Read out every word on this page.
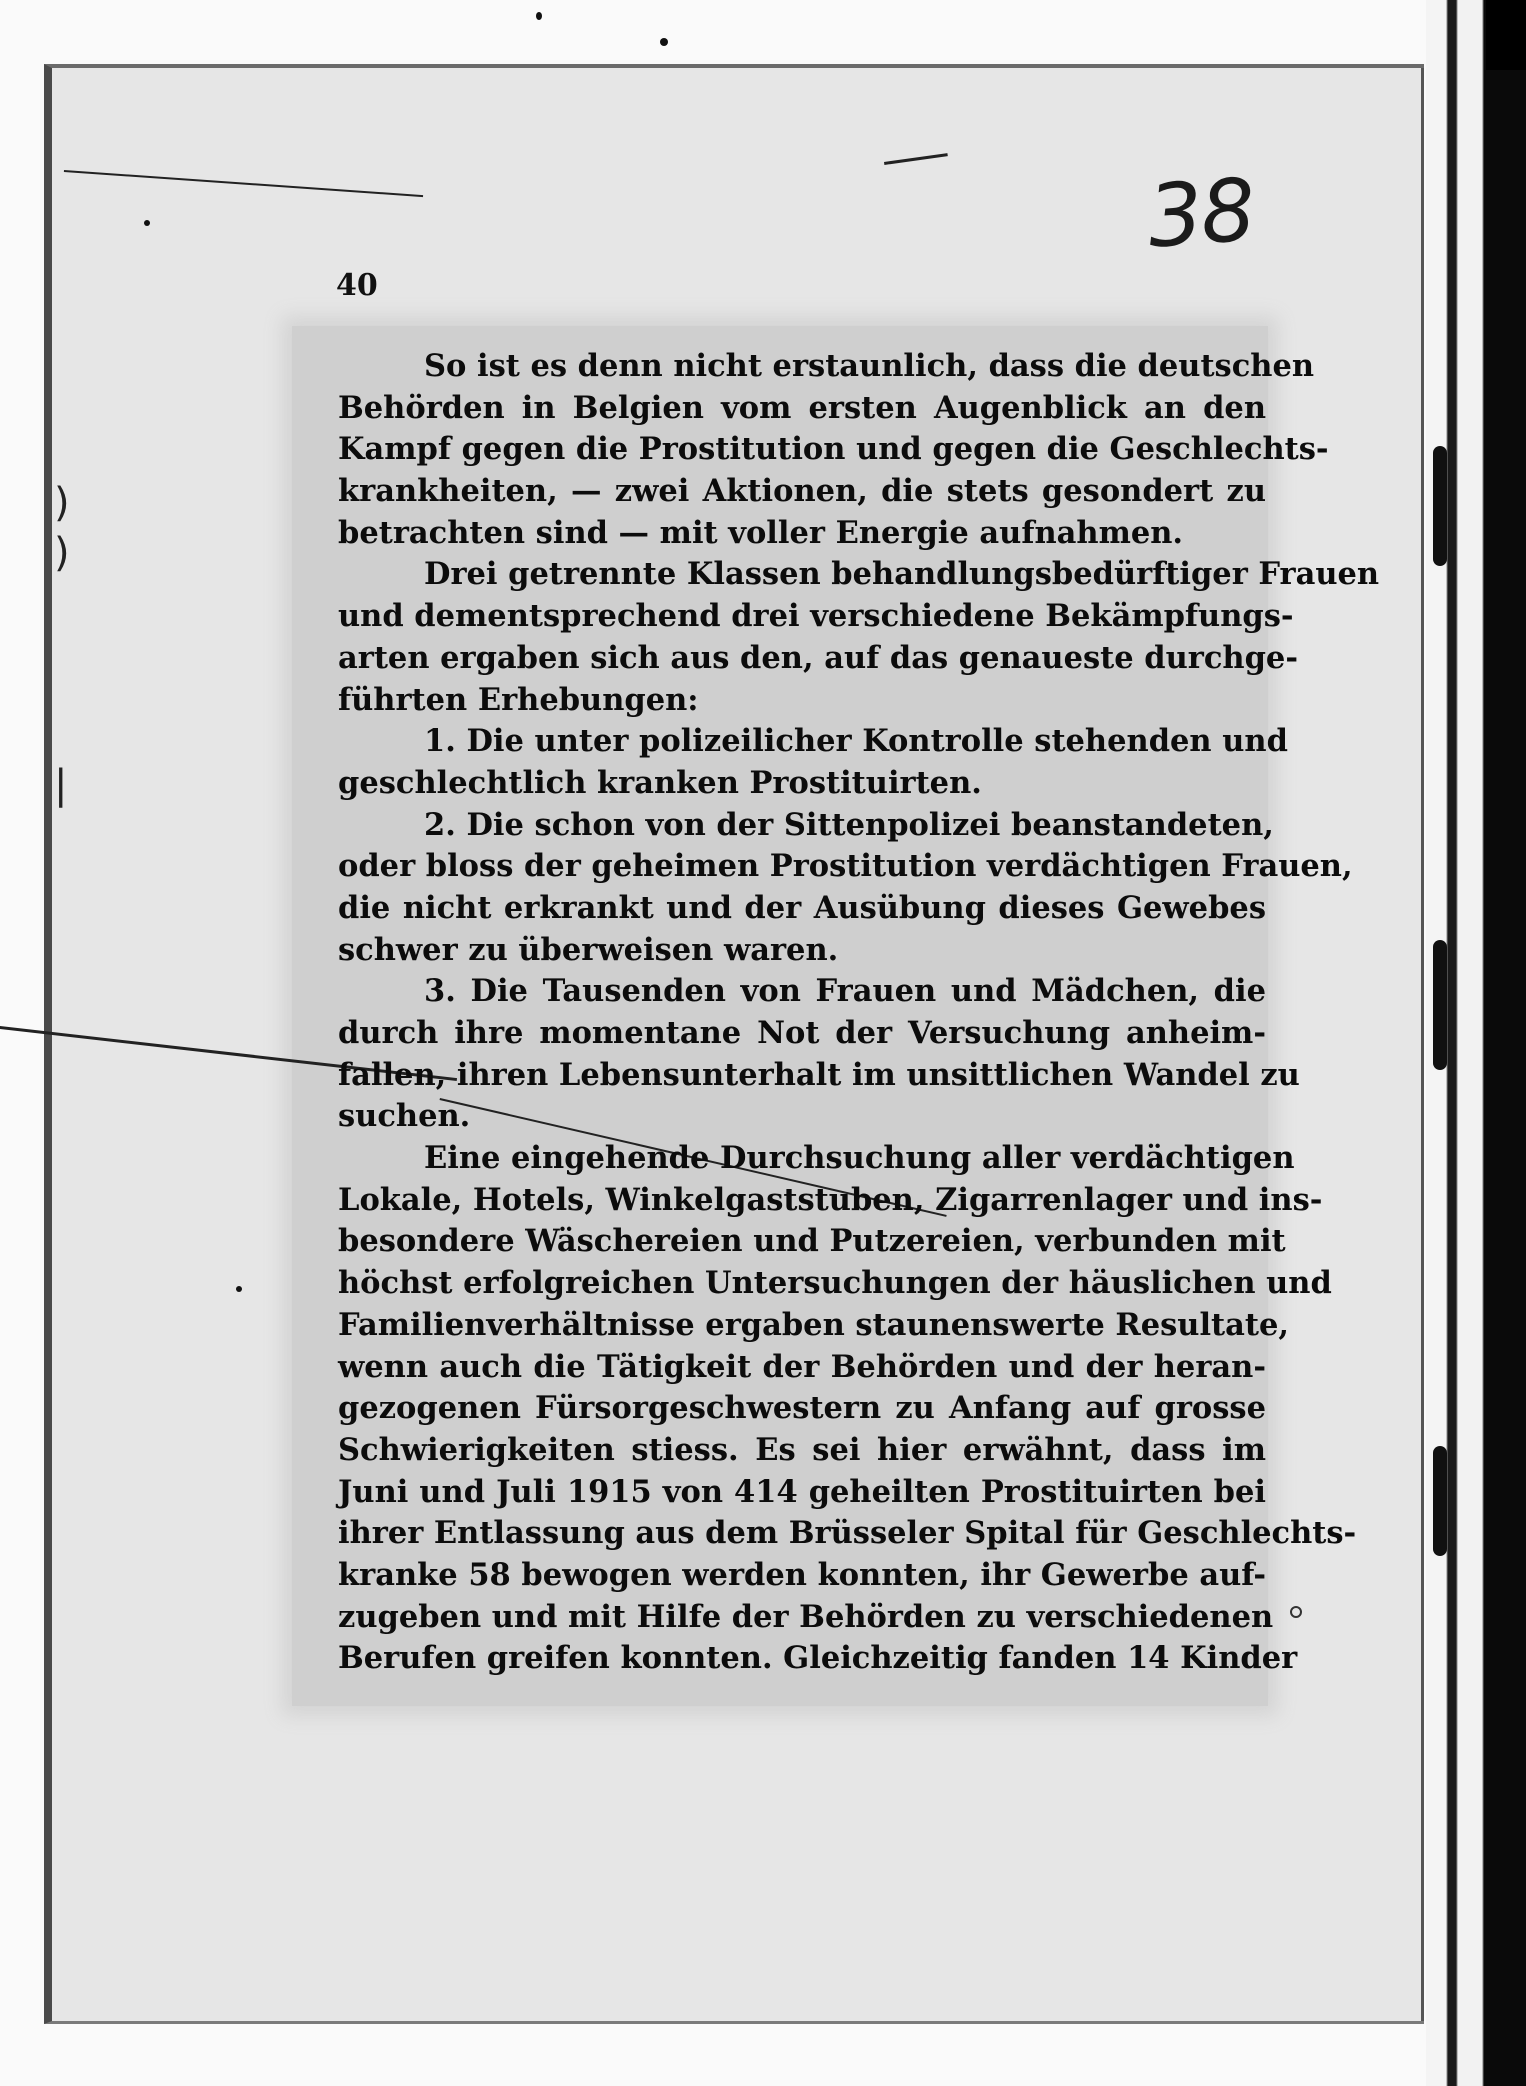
38
40
)
)
|
So ist es denn nicht erstaunlich, dass die deutschen
Behörden in Belgien vom ersten Augenblick an den
Kampf gegen die Prostitution und gegen die Geschlechts-
krankheiten, — zwei Aktionen, die stets gesondert zu
betrachten sind — mit voller Energie aufnahmen.
Drei getrennte Klassen behandlungsbedürftiger Frauen
und dementsprechend drei verschiedene Bekämpfungs-
arten ergaben sich aus den, auf das genaueste durchge-
führten Erhebungen:
1. Die unter polizeilicher Kontrolle stehenden und
geschlechtlich kranken Prostituirten.
2. Die schon von der Sittenpolizei beanstandeten,
oder bloss der geheimen Prostitution verdächtigen Frauen,
die nicht erkrankt und der Ausübung dieses Gewebes
schwer zu überweisen waren.
3. Die Tausenden von Frauen und Mädchen, die
durch ihre momentane Not der Versuchung anheim-
fallen, ihren Lebensunterhalt im unsittlichen Wandel zu
suchen.
Eine eingehende Durchsuchung aller verdächtigen
Lokale, Hotels, Winkelgaststuben, Zigarrenlager und ins-
besondere Wäschereien und Putzereien, verbunden mit
höchst erfolgreichen Untersuchungen der häuslichen und
Familienverhältnisse ergaben staunenswerte Resultate,
wenn auch die Tätigkeit der Behörden und der heran-
gezogenen Fürsorgeschwestern zu Anfang auf grosse
Schwierigkeiten stiess. Es sei hier erwähnt, dass im
Juni und Juli 1915 von 414 geheilten Prostituirten bei
ihrer Entlassung aus dem Brüsseler Spital für Geschlechts-
kranke 58 bewogen werden konnten, ihr Gewerbe auf-
zugeben und mit Hilfe der Behörden zu verschiedenen
Berufen greifen konnten. Gleichzeitig fanden 14 Kinder
